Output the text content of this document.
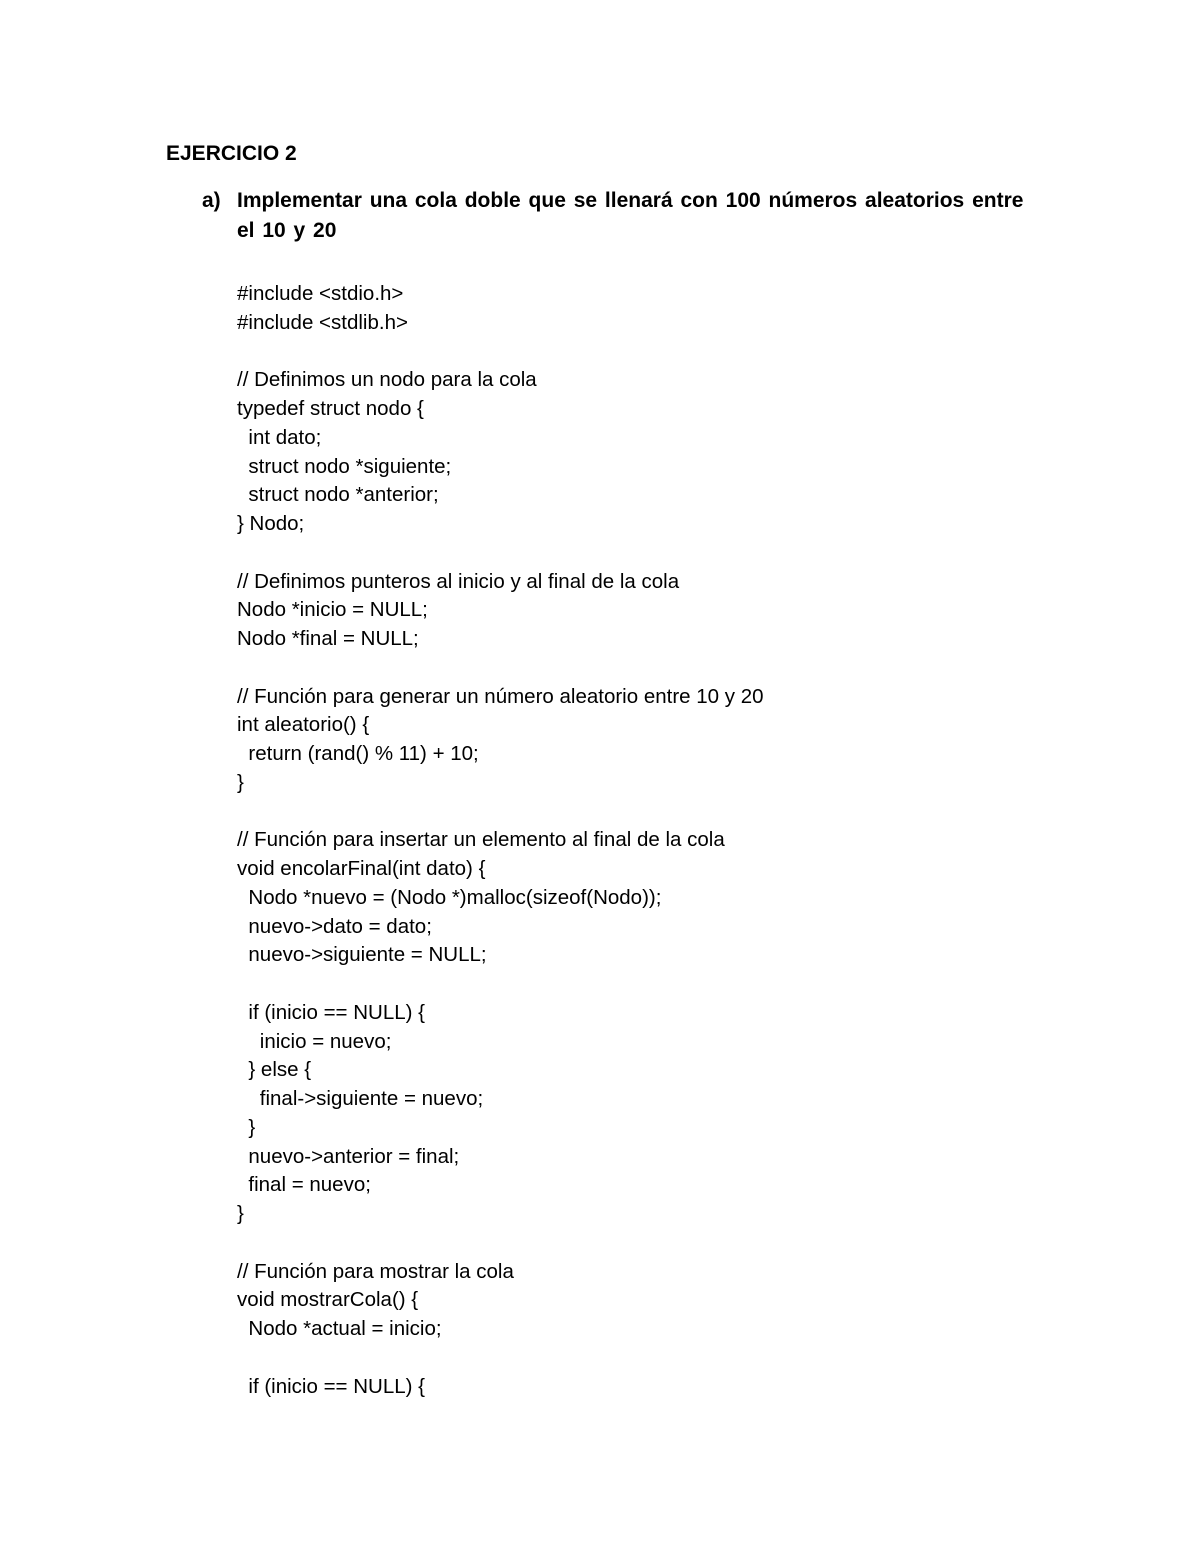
EJERCICIO 2
a) Implementar una cola doble que se llenará con 100 números aleatorios entre el 10 y 20
#include <stdio.h>
#include <stdlib.h>
// Definimos un nodo para la cola
typedef struct nodo {
int dato;
struct nodo *siguiente;
struct nodo *anterior;
} Nodo;
// Definimos punteros al inicio y al final de la cola
Nodo *inicio = NULL;
Nodo *final = NULL;
// Función para generar un número aleatorio entre 10 y 20
int aleatorio() {
return (rand() % 11) + 10;
}
// Función para insertar un elemento al final de la cola
void encolarFinal(int dato) {
Nodo *nuevo = (Nodo *)malloc(sizeof(Nodo));
nuevo->dato = dato;
nuevo->siguiente = NULL;
if (inicio == NULL) {
inicio = nuevo;
} else {
final->siguiente = nuevo;
}
nuevo->anterior = final;
final = nuevo;
}
// Función para mostrar la cola
void mostrarCola() {
Nodo *actual = inicio;
if (inicio == NULL) {
